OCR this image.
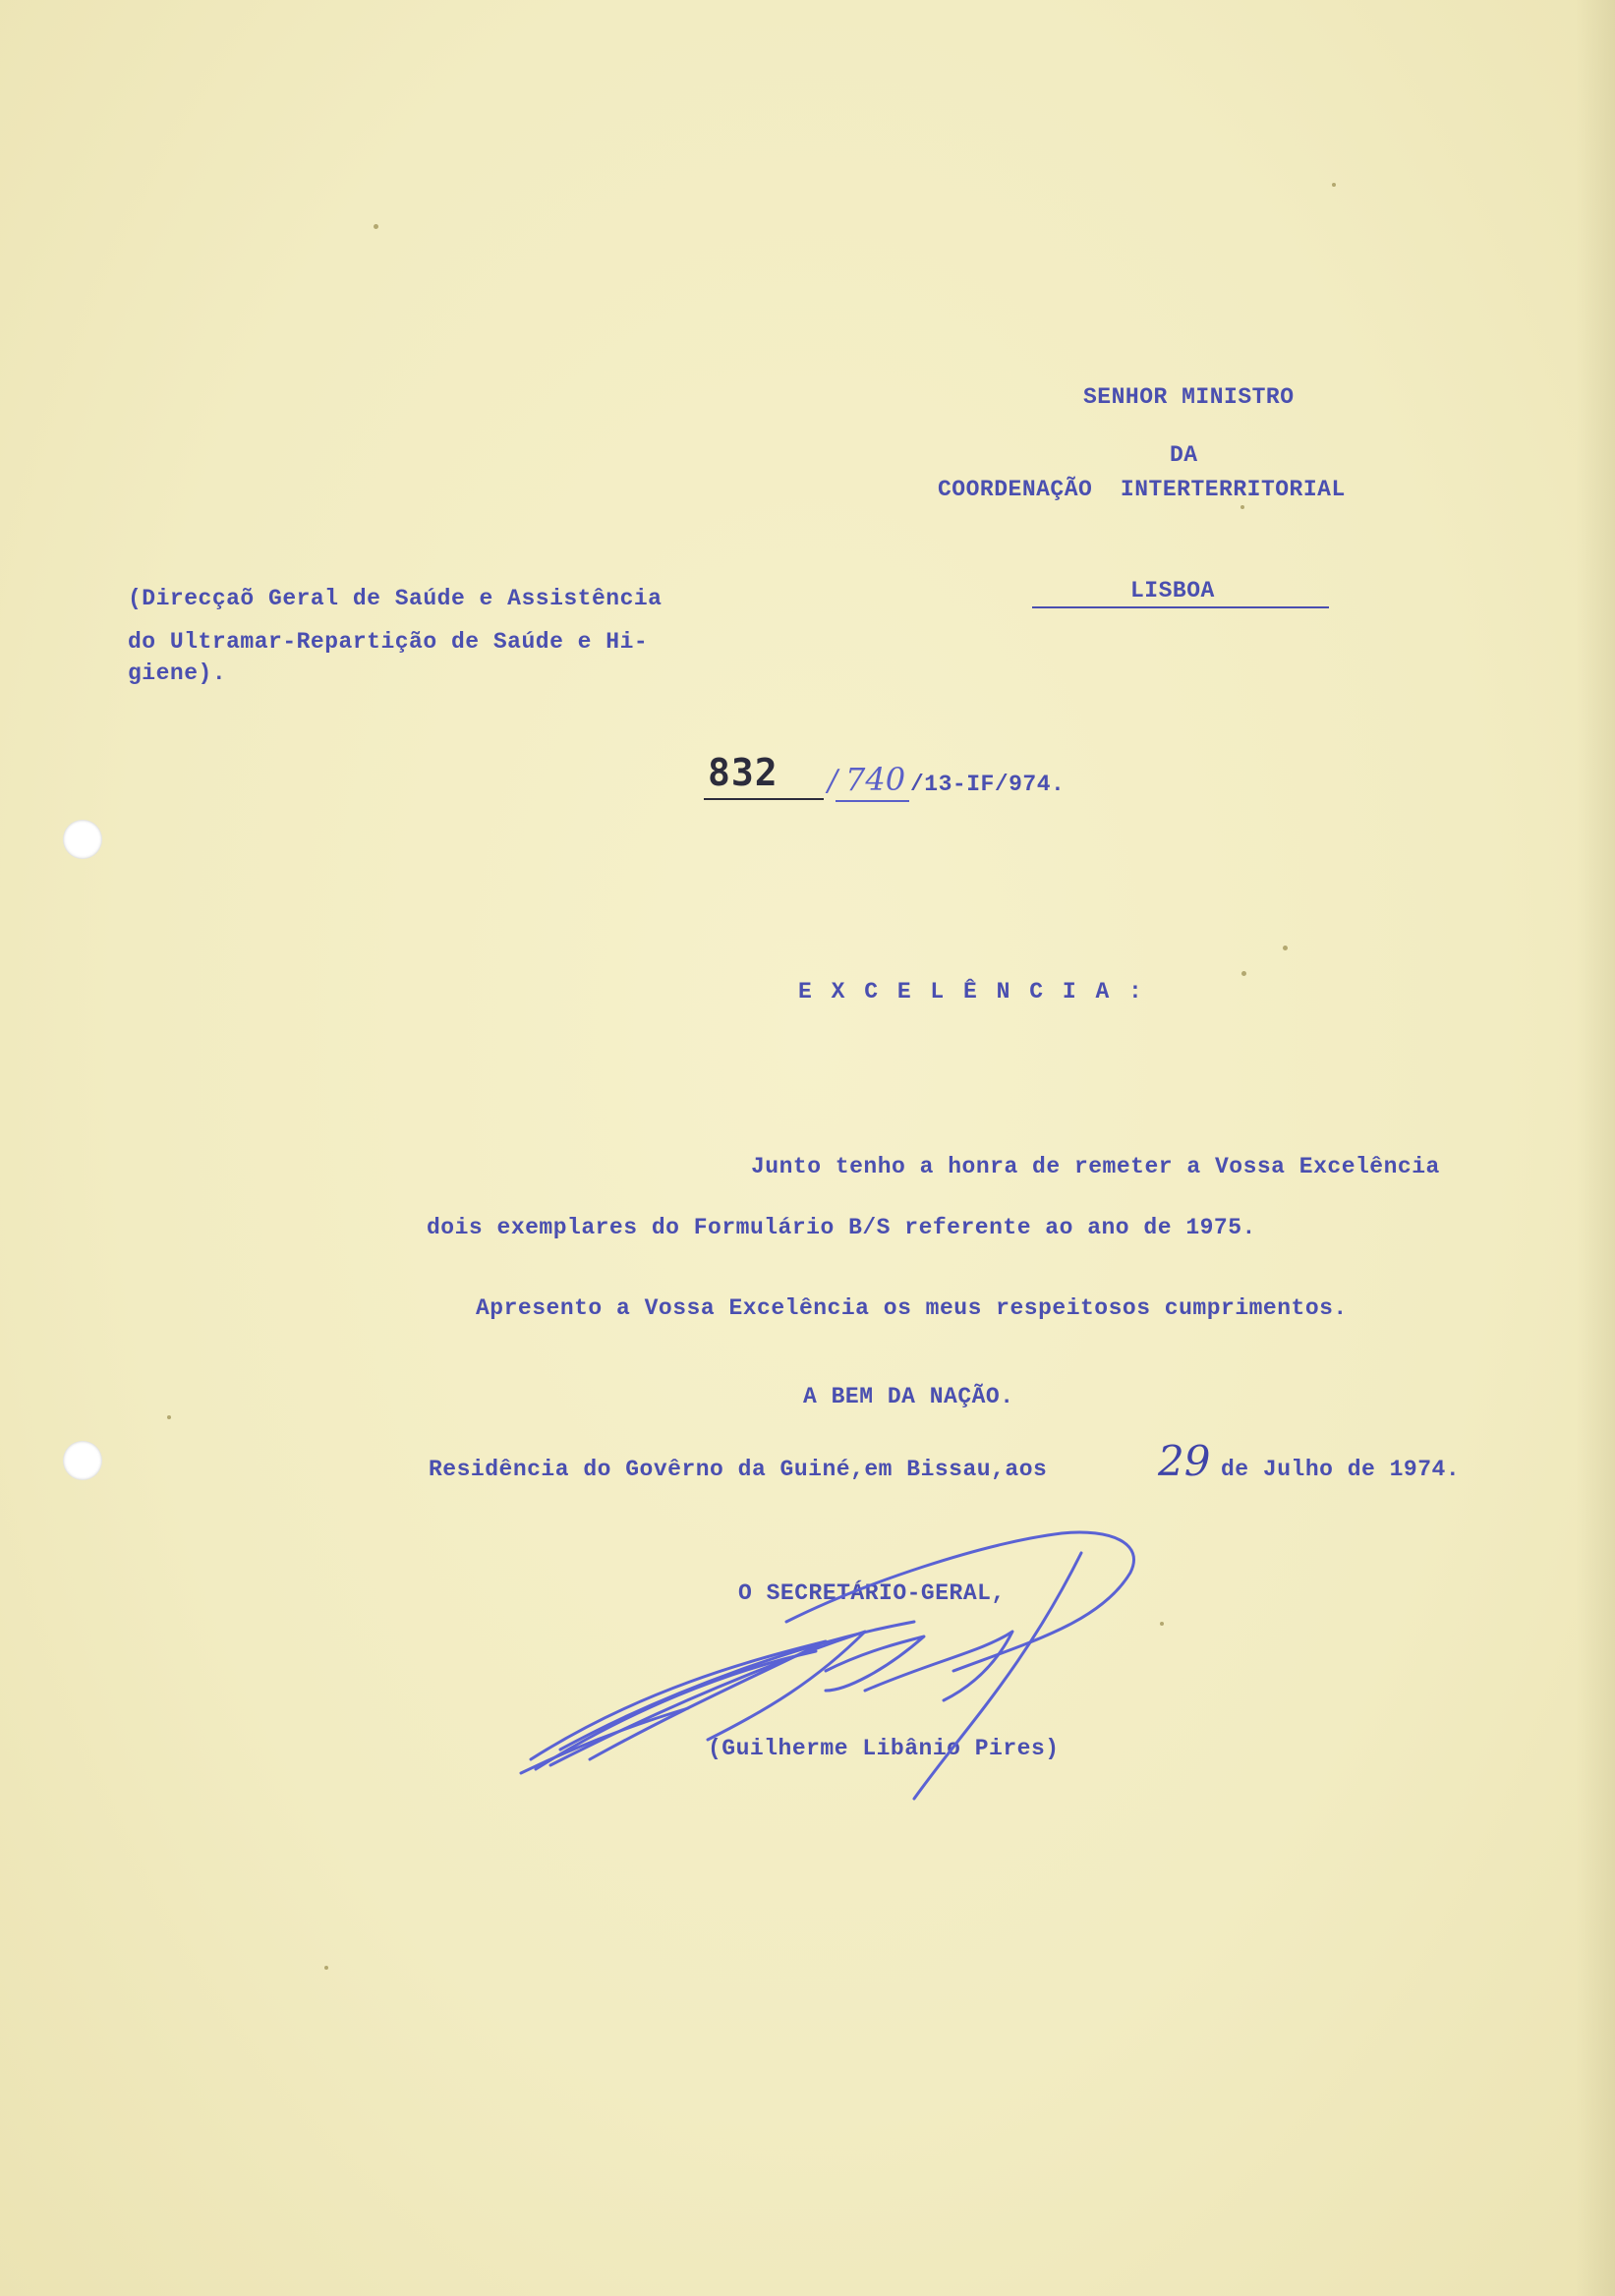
SENHOR MINISTRO
DA
COORDENAÇÃO  INTERTERRITORIAL
LISBOA
(Direcçaõ Geral de Saúde e Assistência
do Ultramar-Repartição de Saúde e Hi-
giene).
832 / 740 /13-IF/974.
E X C E L Ê N C I A :
Junto tenho a honra de remeter a Vossa Excelência
dois exemplares do Formulário B/S referente ao ano de 1975.
Apresento a Vossa Excelência os meus respeitosos cumprimentos.
A BEM DA NAÇÃO.
Residência do Govêrno da Guiné,em Bissau,aos	29 de Julho de 1974.
O SECRETÁRIO-GERAL,
(Guilherme Libânio Pires)
